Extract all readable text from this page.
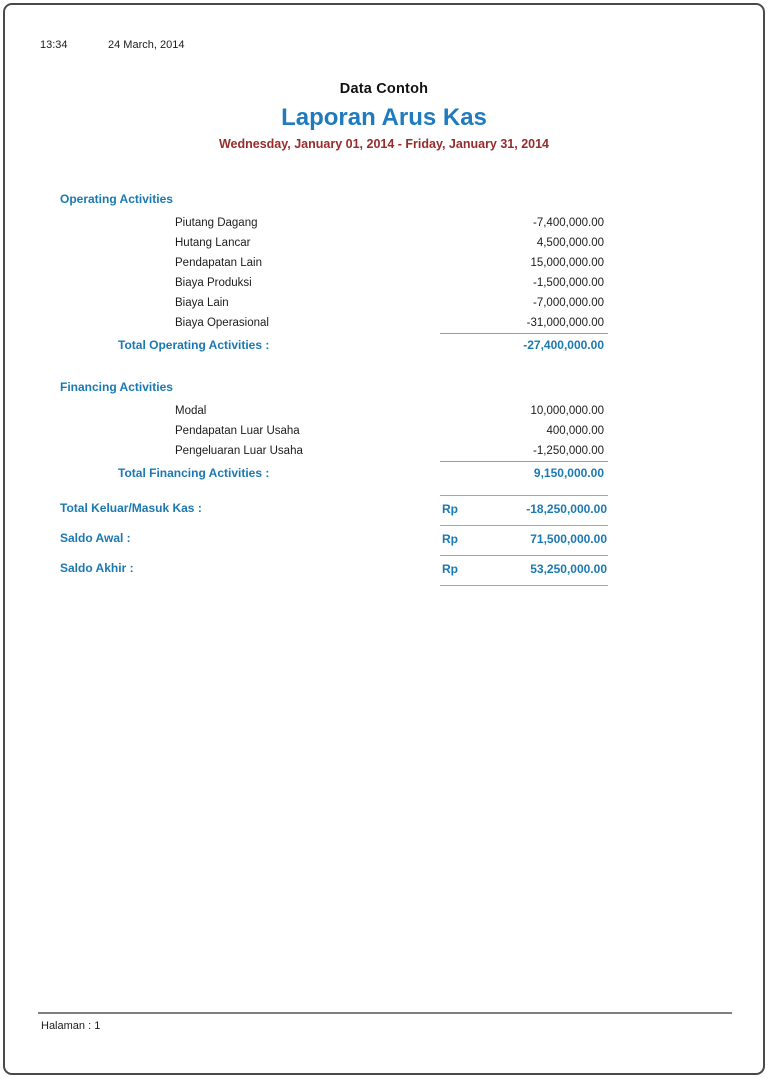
13:34	24 March, 2014
Data Contoh
Laporan Arus Kas
Wednesday, January 01, 2014 - Friday, January 31, 2014
Operating Activities
Piutang Dagang	-7,400,000.00
Hutang Lancar	4,500,000.00
Pendapatan Lain	15,000,000.00
Biaya Produksi	-1,500,000.00
Biaya Lain	-7,000,000.00
Biaya Operasional	-31,000,000.00
Total Operating Activities :	-27,400,000.00
Financing Activities
Modal	10,000,000.00
Pendapatan Luar Usaha	400,000.00
Pengeluaran Luar Usaha	-1,250,000.00
Total Financing Activities :	9,150,000.00
Total Keluar/Masuk Kas :	Rp	-18,250,000.00
Saldo Awal :	Rp	71,500,000.00
Saldo Akhir :	Rp	53,250,000.00
Halaman : 1
